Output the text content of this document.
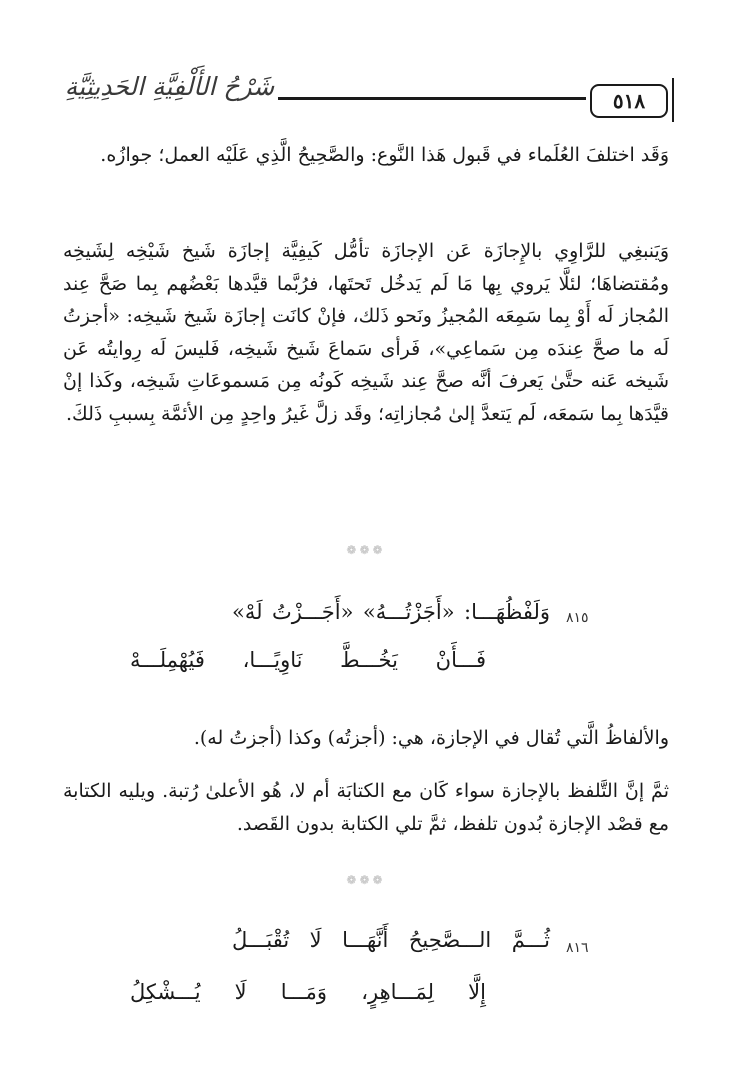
شَرْحُ الأَلْفِيَّةِ الحَدِيثِيَّةِ	٥١٨

وَقَد اختلفَ العُلَماء في قَبول هَذا النَّوع: والصَّحِيحُ الَّذِي عَلَيْه العمل؛ جوازُه.

وَيَنبغِي للرَّاوِي بالإِجازَة عَن الإجازَة تأمُّل كَيفِيَّة إجازَة شَيخ شَيْخِه لِشَيخِه ومُقتضاهَا؛ لئلَّا يَروي بِها مَا لَم يَدخُل تَحتَها، فرُبَّما قيَّدها بَعْضُهم بِما صَحَّ عِند المُجاز لَه أَوْ بِما سَمِعَه المُجيزُ ونَحو ذَلك، فإنْ كانَت إجازَة شَيخ شَيخِه: «أجزتُ لَه ما صحَّ عِندَه مِن سَماعِي»، فَرأى سَماعَ شَيخ شَيخِه، فَليسَ لَه رِوايتُه عَن شَيخه عَنه حتَّىٰ يَعرفَ أنَّه صحَّ عِند شَيخِه كَونُه مِن مَسموعَاتِ شَيخِه، وكَذا إنْ قيَّدَها بِما سَمعَه، لَم يَتعدَّ إلىٰ مُجازاتِه؛ وقَد زلَّ غَيرُ واحِدٍ مِن الأئمَّة بِسببِ ذَلكَ.

❁❁❁
٨١٥
وَلَفْظُهَـــا: «أَجَزْتُـــهُ» «أَجَـــزْتُ لَهْ»
فَـــأَنْ يَخُـــطَّ نَاوِيًـــا، فَيُهْمِلَـــهْ

والألفاظُ الَّتي تُقال في الإجازة، هي: (أجزتُه) وكذا (أجزتُ له).

ثمَّ إنَّ التَّلفظ بالإجازة سواء كَان مع الكتابَة أم لا، هُو الأعلىٰ رُتبة. ويليه الكتابة مع قصْد الإجازة بُدون تلفظ، ثمَّ تلي الكتابة بدون القَصد.

❁❁❁
٨١٦
ثُـــمَّ الـــصَّحِيحُ أَنَّهَـــا لَا تُقْبَـــلُ
إِلَّا لِمَـــاهِرٍ، وَمَـــا لَا يُـــشْكِلُ
